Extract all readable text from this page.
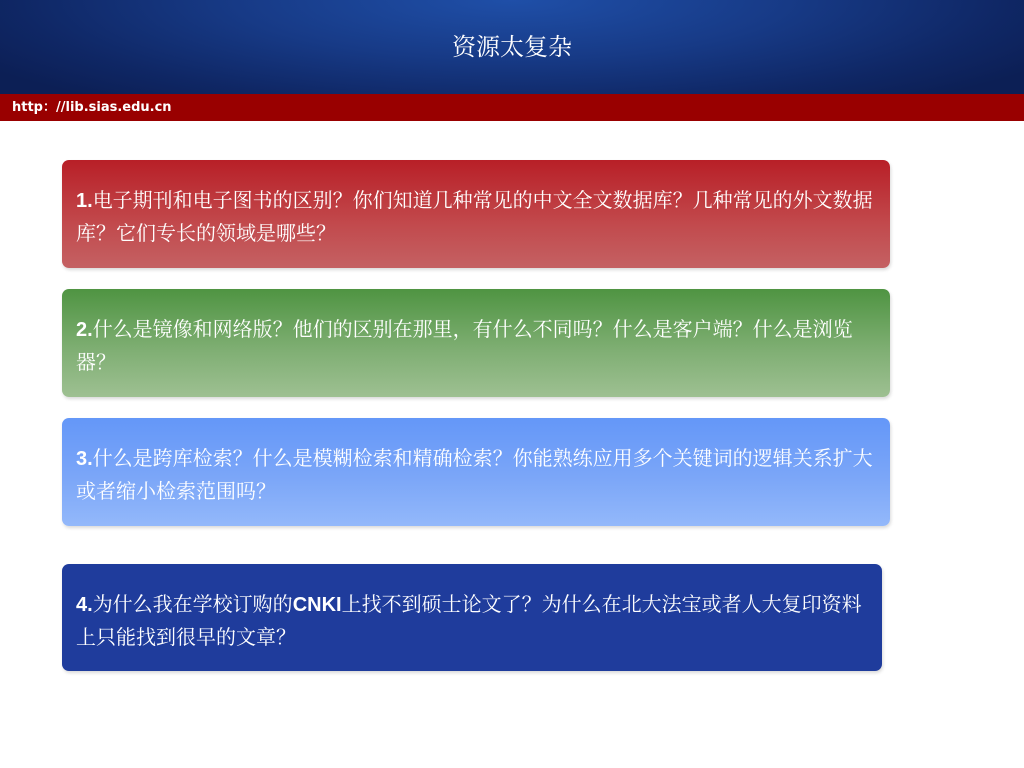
资源太复杂
http：//lib.sias.edu.cn
1.电子期刊和电子图书的区别？你们知道几种常见的中文全文数据库？几种常见的外文数据库？它们专长的领域是哪些？
2.什么是镜像和网络版？他们的区别在那里，有什么不同吗？什么是客户端？什么是浏览器？
3.什么是跨库检索？什么是模糊检索和精确检索？你能熟练应用多个关键词的逻辑关系扩大或者缩小检索范围吗？
4.为什么我在学校订购的CNKI上找不到硕士论文了？为什么在北大法宝或者人大复印资料上只能找到很早的文章？
